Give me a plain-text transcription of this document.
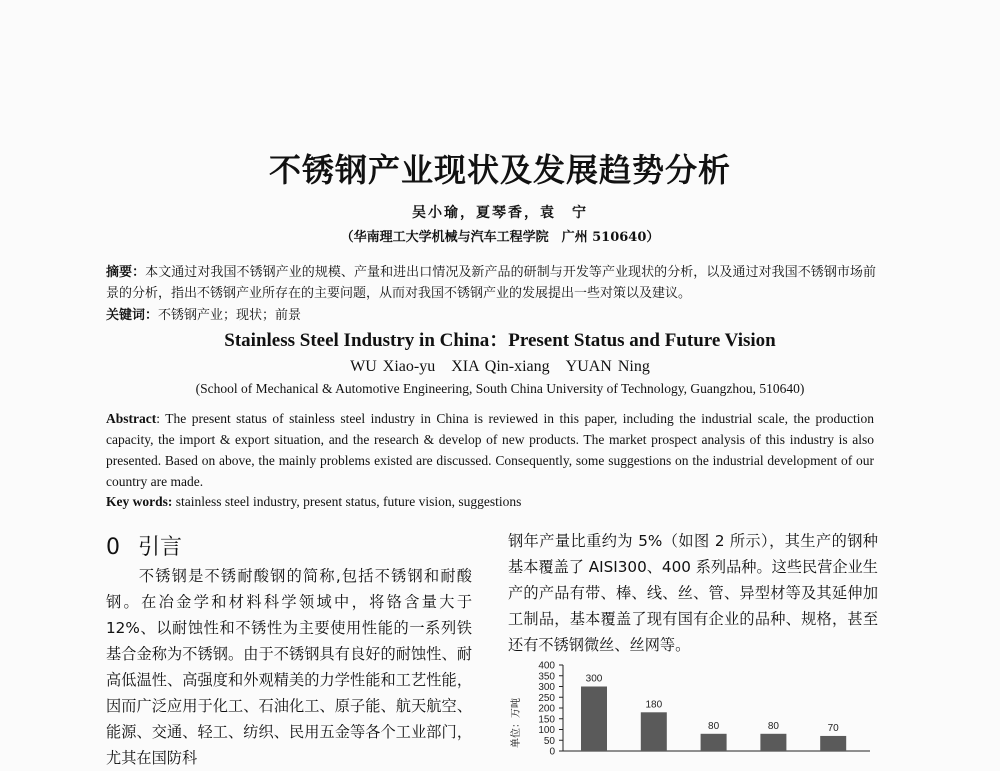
不锈钢产业现状及发展趋势分析
吴小瑜，夏琴香，袁　宁
（华南理工大学机械与汽车工程学院　广州 510640）
摘要：本文通过对我国不锈钢产业的规模、产量和进出口情况及新产品的研制与开发等产业现状的分析，以及通过对我国不锈钢市场前景的分析，指出不锈钢产业所存在的主要问题，从而对我国不锈钢产业的发展提出一些对策以及建议。
关键词：不锈钢产业；现状；前景
Stainless Steel Industry in China：Present Status and Future Vision
WU Xiao-yu　XIA Qin-xiang　YUAN Ning
(School of Mechanical & Automotive Engineering, South China University of Technology, Guangzhou, 510640)
Abstract: The present status of stainless steel industry in China is reviewed in this paper, including the industrial scale, the production capacity, the import & export situation, and the research & develop of new products. The market prospect analysis of this industry is also presented. Based on above, the mainly problems existed are discussed. Consequently, some suggestions on the industrial development of our country are made.
Key words: stainless steel industry, present status, future vision, suggestions
0 引言
　　不锈钢是不锈耐酸钢的简称,包括不锈钢和耐酸钢。在冶金学和材料科学领域中，将铬含量大于 12%、以耐蚀性和不锈性为主要使用性能的一系列铁基合金称为不锈钢。由于不锈钢具有良好的耐蚀性、耐高低温性、高强度和外观精美的力学性能和工艺性能，因而广泛应用于化工、石油化工、原子能、航天航空、 能源、交通、轻工、纺织、民用五金等各个工业部门，尤其在国防科
钢年产量比重约为 5%（如图 2 所示），其生产的钢种基本覆盖了 AISI300、400 系列品种。这些民营企业生产的产品有带、棒、线、丝、管、异型材等及其延伸加工制品，基本覆盖了现有国有企业的品种、规格，甚至还有不锈钢微丝、丝网等。
单位：万吨
0
50
100
150
200
250
300
350
400
300
180
80	80	70
